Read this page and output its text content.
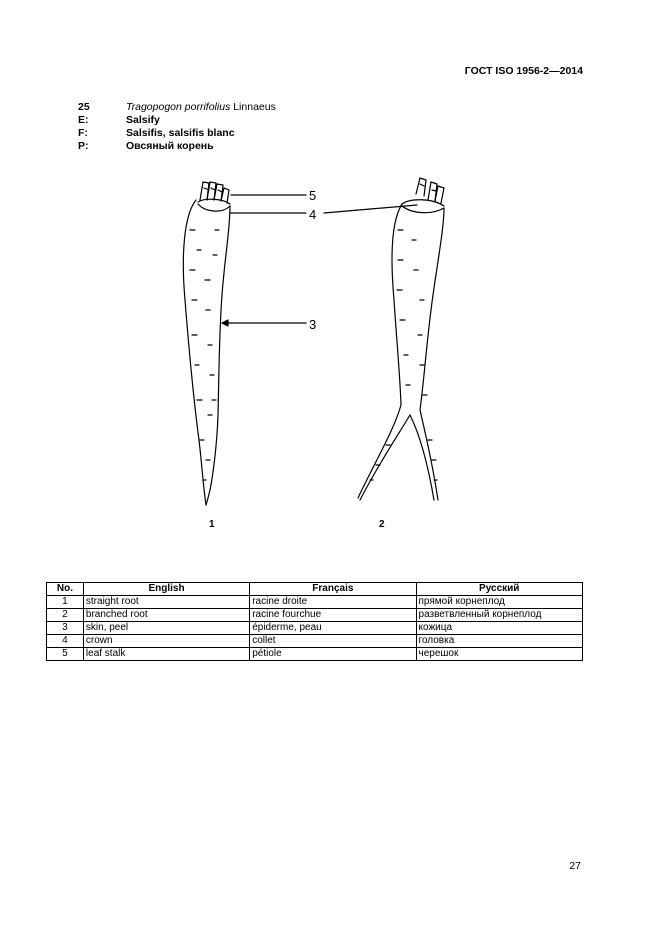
ГОСТ ISO 1956-2—2014
25	Tragopogon porrifolius Linnaeus
E:	Salsify
F:	Salsifis, salsifis blanc
P:	Овсяный корень
5
4
3
1	2
No.	English	Français	Русский
1	straight root	racine droite	прямой корнеплод
2	branched root	racine fourchue	разветвленный корнеплод
3	skin, peel	épiderme, peau	кожица
4	crown	collet	головка
5	leaf stalk	pétiole	черешок
27
